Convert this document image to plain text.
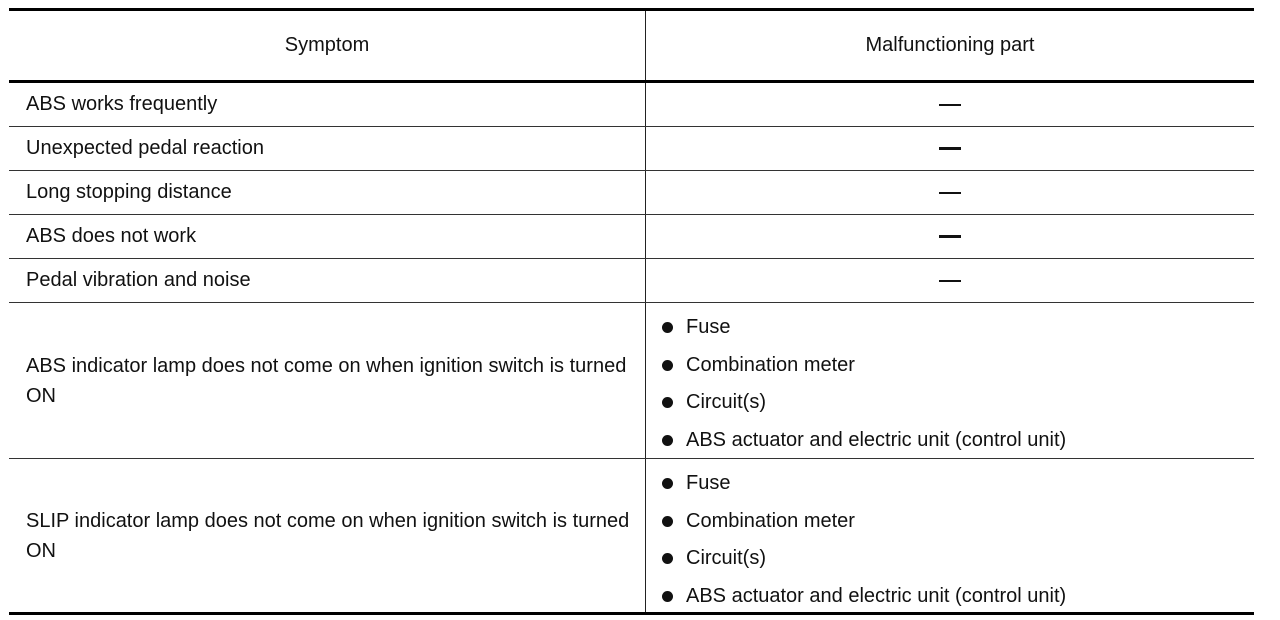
Symptom	Malfunctioning part
ABS works frequently
Unexpected pedal reaction
Long stopping distance
ABS does not work
Pedal vibration and noise
ABS indicator lamp does not come on when ignition switch is turned ON
Fuse
Combination meter
Circuit(s)
ABS actuator and electric unit (control unit)
SLIP indicator lamp does not come on when ignition switch is turned ON
Fuse
Combination meter
Circuit(s)
ABS actuator and electric unit (control unit)
